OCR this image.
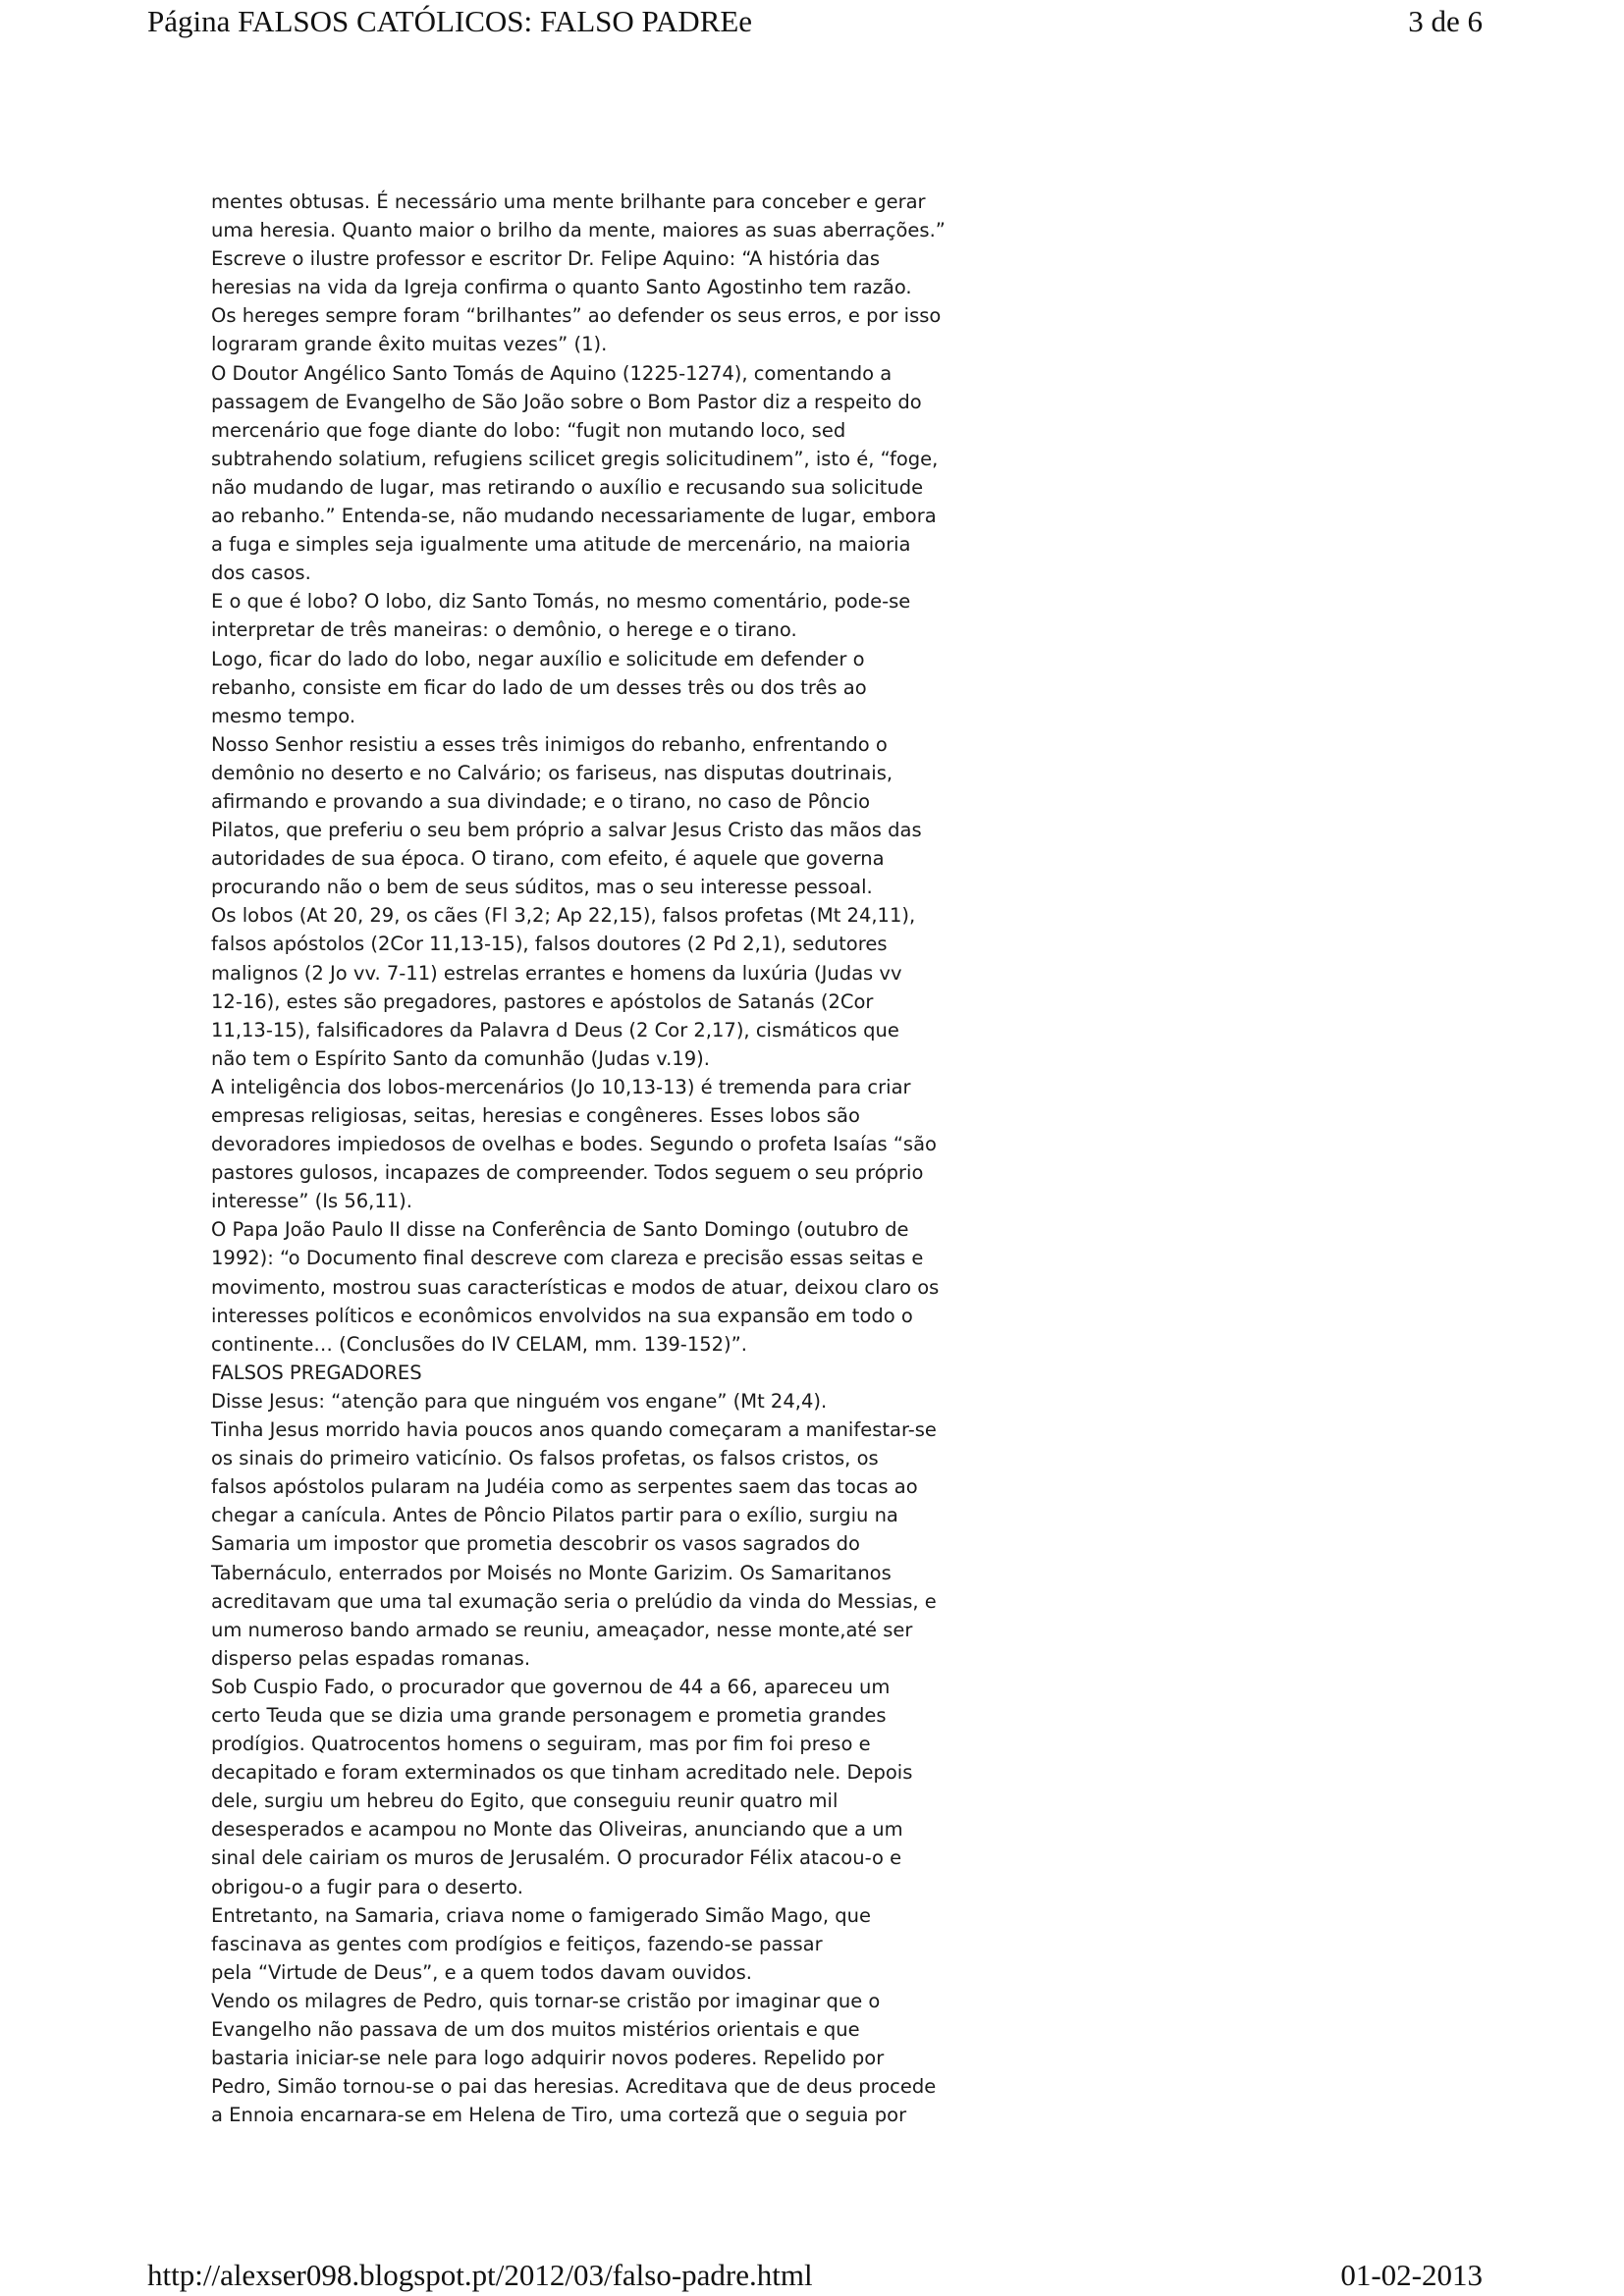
Página FALSOS CATÓLICOS: FALSO PADREe	3 de 6
mentes obtusas. É necessário uma mente brilhante para conceber e gerar
uma heresia. Quanto maior o brilho da mente, maiores as suas aberrações.”
Escreve o ilustre professor e escritor Dr. Felipe Aquino: “A história das
heresias na vida da Igreja confirma o quanto Santo Agostinho tem razão.
Os hereges sempre foram “brilhantes” ao defender os seus erros, e por isso
lograram grande êxito muitas vezes” (1).
O Doutor Angélico Santo Tomás de Aquino (1225-1274), comentando a
passagem de Evangelho de São João sobre o Bom Pastor diz a respeito do
mercenário que foge diante do lobo: “fugit non mutando loco, sed
subtrahendo solatium, refugiens scilicet gregis solicitudinem”, isto é, “foge,
não mudando de lugar, mas retirando o auxílio e recusando sua solicitude
ao rebanho.” Entenda-se, não mudando necessariamente de lugar, embora
a fuga e simples seja igualmente uma atitude de mercenário, na maioria
dos casos.
E o que é lobo? O lobo, diz Santo Tomás, no mesmo comentário, pode-se
interpretar de três maneiras: o demônio, o herege e o tirano.
Logo, ficar do lado do lobo, negar auxílio e solicitude em defender o
rebanho, consiste em ficar do lado de um desses três ou dos três ao
mesmo tempo.
Nosso Senhor resistiu a esses três inimigos do rebanho, enfrentando o
demônio no deserto e no Calvário; os fariseus, nas disputas doutrinais,
afirmando e provando a sua divindade; e o tirano, no caso de Pôncio
Pilatos, que preferiu o seu bem próprio a salvar Jesus Cristo das mãos das
autoridades de sua época. O tirano, com efeito, é aquele que governa
procurando não o bem de seus súditos, mas o seu interesse pessoal.
Os lobos (At 20, 29, os cães (Fl 3,2; Ap 22,15), falsos profetas (Mt 24,11),
falsos apóstolos (2Cor 11,13-15), falsos doutores (2 Pd 2,1), sedutores
malignos (2 Jo vv. 7-11) estrelas errantes e homens da luxúria (Judas vv
12-16), estes são pregadores, pastores e apóstolos de Satanás (2Cor
11,13-15), falsificadores da Palavra d Deus (2 Cor 2,17), cismáticos que
não tem o Espírito Santo da comunhão (Judas v.19).
A inteligência dos lobos-mercenários (Jo 10,13-13) é tremenda para criar
empresas religiosas, seitas, heresias e congêneres. Esses lobos são
devoradores impiedosos de ovelhas e bodes. Segundo o profeta Isaías “são
pastores gulosos, incapazes de compreender. Todos seguem o seu próprio
interesse” (Is 56,11).
O Papa João Paulo II disse na Conferência de Santo Domingo (outubro de
1992): “o Documento final descreve com clareza e precisão essas seitas e
movimento, mostrou suas características e modos de atuar, deixou claro os
interesses políticos e econômicos envolvidos na sua expansão em todo o
continente… (Conclusões do IV CELAM, mm. 139-152)”.
FALSOS PREGADORES
Disse Jesus: “atenção para que ninguém vos engane” (Mt 24,4).
Tinha Jesus morrido havia poucos anos quando começaram a manifestar-se
os sinais do primeiro vaticínio. Os falsos profetas, os falsos cristos, os
falsos apóstolos pularam na Judéia como as serpentes saem das tocas ao
chegar a canícula. Antes de Pôncio Pilatos partir para o exílio, surgiu na
Samaria um impostor que prometia descobrir os vasos sagrados do
Tabernáculo, enterrados por Moisés no Monte Garizim. Os Samaritanos
acreditavam que uma tal exumação seria o prelúdio da vinda do Messias, e
um numeroso bando armado se reuniu, ameaçador, nesse monte,até ser
disperso pelas espadas romanas.
Sob Cuspio Fado, o procurador que governou de 44 a 66, apareceu um
certo Teuda que se dizia uma grande personagem e prometia grandes
prodígios. Quatrocentos homens o seguiram, mas por fim foi preso e
decapitado e foram exterminados os que tinham acreditado nele. Depois
dele, surgiu um hebreu do Egito, que conseguiu reunir quatro mil
desesperados e acampou no Monte das Oliveiras, anunciando que a um
sinal dele cairiam os muros de Jerusalém. O procurador Félix atacou-o e
obrigou-o a fugir para o deserto.
Entretanto, na Samaria, criava nome o famigerado Simão Mago, que
fascinava as gentes com prodígios e feitiços, fazendo-se passar
pela “Virtude de Deus”, e a quem todos davam ouvidos.
Vendo os milagres de Pedro, quis tornar-se cristão por imaginar que o
Evangelho não passava de um dos muitos mistérios orientais e que
bastaria iniciar-se nele para logo adquirir novos poderes. Repelido por
Pedro, Simão tornou-se o pai das heresias. Acreditava que de deus procede
a Ennoia encarnara-se em Helena de Tiro, uma cortezã que o seguia por
http://alexser098.blogspot.pt/2012/03/falso-padre.html	01-02-2013
